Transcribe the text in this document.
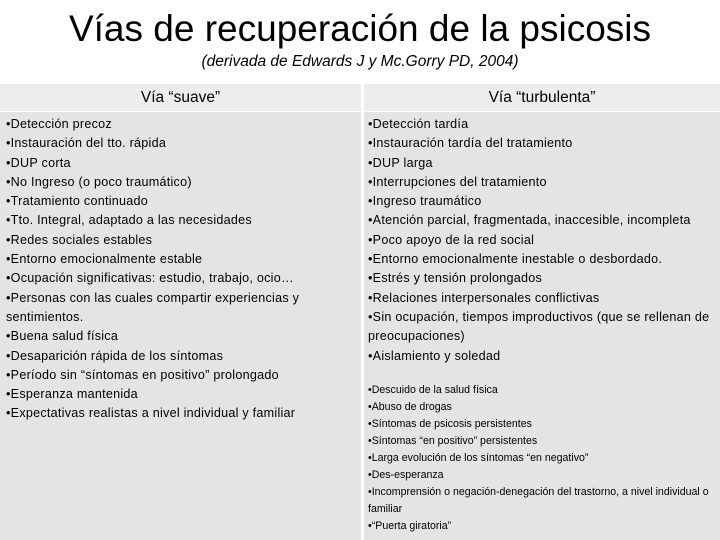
Vías de recuperación de la psicosis
(derivada de Edwards J y Mc.Gorry PD, 2004)
Vía “suave”	Vía “turbulenta”
• Detección precoz
• Instauración del tto. rápida
• DUP corta
• No Ingreso (o poco traumático)
• Tratamiento continuado
• Tto. Integral, adaptado a las necesidades
• Redes sociales estables
• Entorno emocionalmente estable
• Ocupación significativas: estudio, trabajo, ocio…
• Personas con las cuales compartir experiencias y sentimientos.
• Buena salud física
• Desaparición rápida de los síntomas
• Período sin “síntomas en positivo” prolongado
• Esperanza mantenida
• Expectativas realistas a nivel individual y familiar
• Detección tardía
• Instauración tardía del tratamiento
• DUP larga
• Interrupciones del tratamiento
• Ingreso traumático
• Atención parcial, fragmentada, inaccesible, incompleta
• Poco apoyo de la red social
• Entorno emocionalmente inestable o desbordado.
• Estrés y tensión prolongados
• Relaciones interpersonales conflictivas
• Sin ocupación, tiempos improductivos (que se rellenan de preocupaciones)
• Aislamiento y soledad
• Descuido de la salud física
• Abuso de drogas
• Síntomas de psicosis persistentes
• Síntomas “en positivo” persistentes
• Larga evolución de los síntomas “en negativo”
• Des-esperanza
• Incomprensión o negación-denegación del trastorno, a nivel individual o familiar
• “Puerta giratoria”
